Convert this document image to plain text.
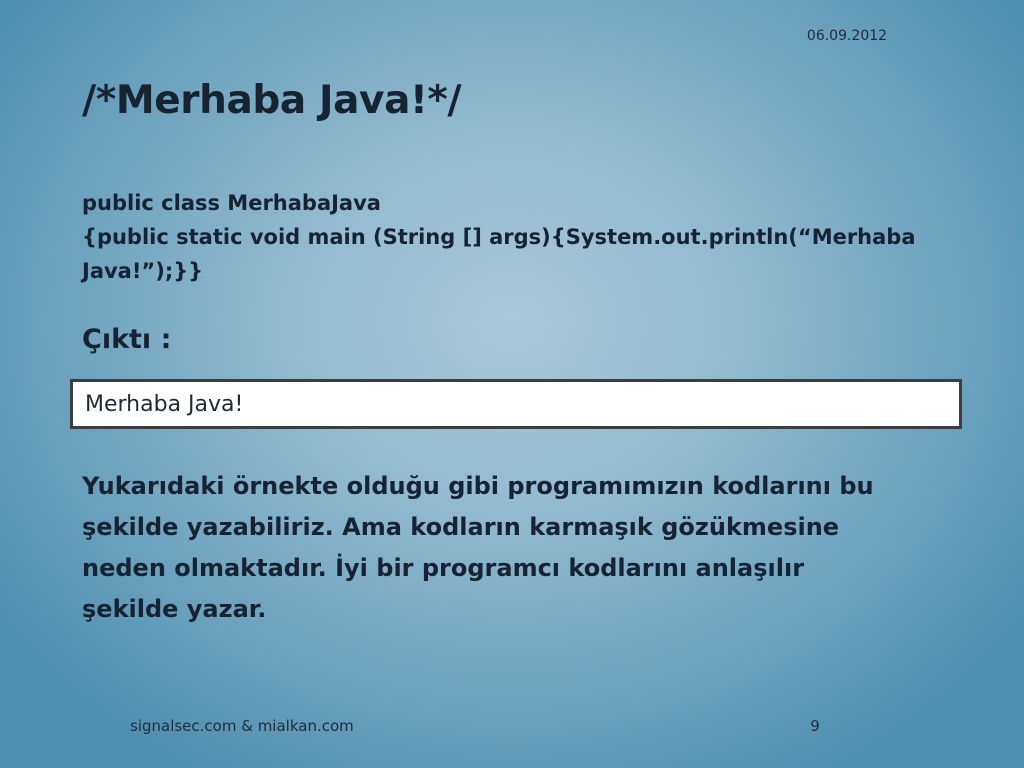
06.09.2012
/*Merhaba Java!*/
public class MerhabaJava
{public static void main (String [] args){System.out.println(“Merhaba
Java!”);}}
Çıktı :
Merhaba Java!
Yukarıdaki örnekte olduğu gibi programımızın kodlarını bu
şekilde yazabiliriz. Ama kodların karmaşık gözükmesine
neden olmaktadır. İyi bir programcı kodlarını anlaşılır
şekilde yazar.
signalsec.com & mialkan.com	9
